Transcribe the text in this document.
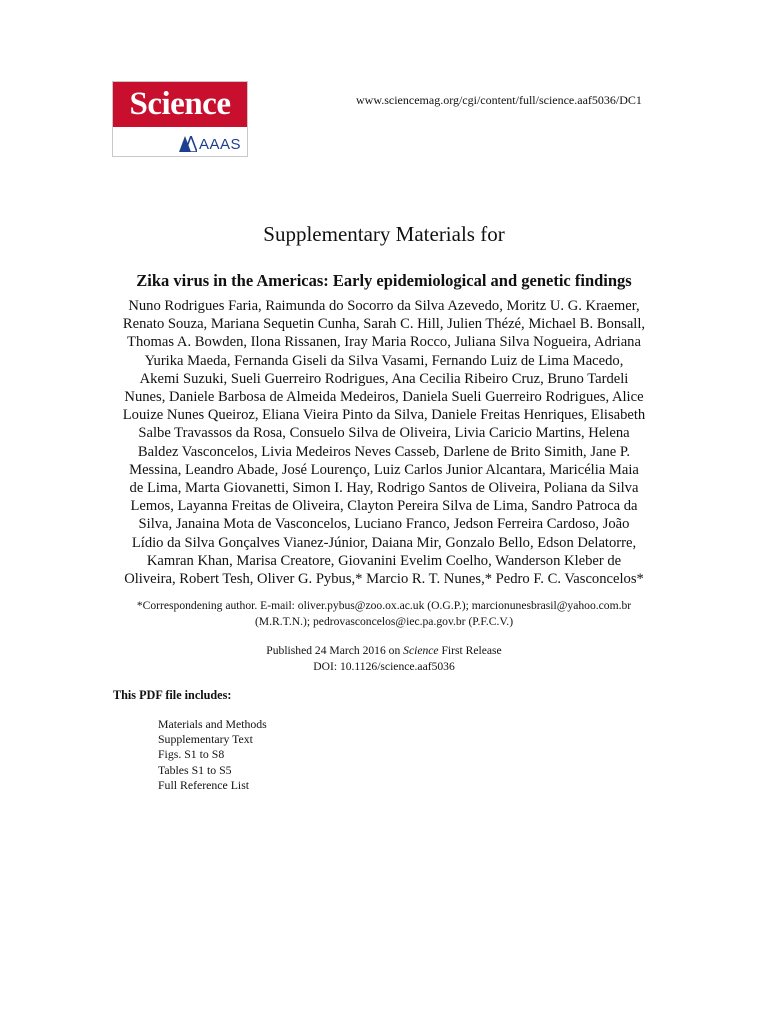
Science
AAAS
www.sciencemag.org/cgi/content/full/science.aaf5036/DC1
Supplementary Materials for
Zika virus in the Americas: Early epidemiological and genetic findings
Nuno Rodrigues Faria, Raimunda do Socorro da Silva Azevedo, Moritz U. G. Kraemer,
Renato Souza, Mariana Sequetin Cunha, Sarah C. Hill, Julien Thézé, Michael B. Bonsall,
Thomas A. Bowden, Ilona Rissanen, Iray Maria Rocco, Juliana Silva Nogueira, Adriana
Yurika Maeda, Fernanda Giseli da Silva Vasami, Fernando Luiz de Lima Macedo,
Akemi Suzuki, Sueli Guerreiro Rodrigues, Ana Cecilia Ribeiro Cruz, Bruno Tardeli
Nunes, Daniele Barbosa de Almeida Medeiros, Daniela Sueli Guerreiro Rodrigues, Alice
Louize Nunes Queiroz, Eliana Vieira Pinto da Silva, Daniele Freitas Henriques, Elisabeth
Salbe Travassos da Rosa, Consuelo Silva de Oliveira, Livia Caricio Martins, Helena
Baldez Vasconcelos, Livia Medeiros Neves Casseb, Darlene de Brito Simith, Jane P.
Messina, Leandro Abade, José Lourenço, Luiz Carlos Junior Alcantara, Maricélia Maia
de Lima, Marta Giovanetti, Simon I. Hay, Rodrigo Santos de Oliveira, Poliana da Silva
Lemos, Layanna Freitas de Oliveira, Clayton Pereira Silva de Lima, Sandro Patroca da
Silva, Janaina Mota de Vasconcelos, Luciano Franco, Jedson Ferreira Cardoso, João
Lídio da Silva Gonçalves Vianez-Júnior, Daiana Mir, Gonzalo Bello, Edson Delatorre,
Kamran Khan, Marisa Creatore, Giovanini Evelim Coelho, Wanderson Kleber de
Oliveira, Robert Tesh, Oliver G. Pybus,* Marcio R. T. Nunes,* Pedro F. C. Vasconcelos*
*Correspondening author. E-mail: oliver.pybus@zoo.ox.ac.uk (O.G.P.); marcionunesbrasil@yahoo.com.br
(M.R.T.N.); pedrovasconcelos@iec.pa.gov.br (P.F.C.V.)
Published 24 March 2016 on Science First Release
DOI: 10.1126/science.aaf5036
This PDF file includes:
Materials and Methods
Supplementary Text
Figs. S1 to S8
Tables S1 to S5
Full Reference List
